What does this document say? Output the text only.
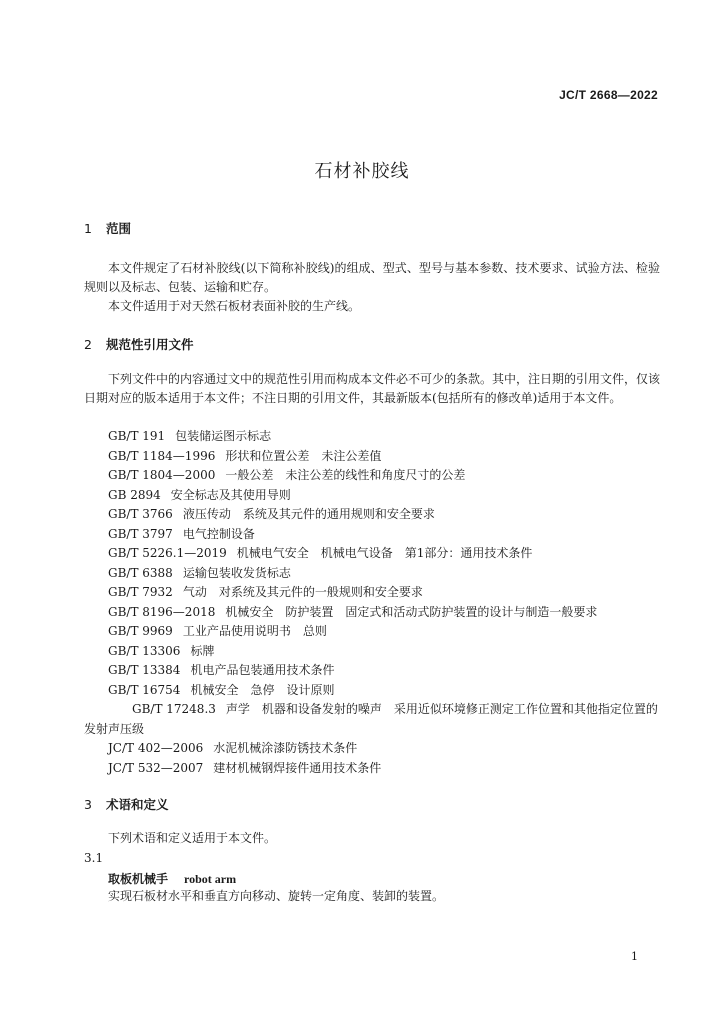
JC/T 2668—2022
石材补胶线
1 范围
本文件规定了石材补胶线(以下简称补胶线)的组成、型式、型号与基本参数、技术要求、试验方法、检验规则以及标志、包装、运输和贮存。
本文件适用于对天然石板材表面补胶的生产线。
2 规范性引用文件
下列文件中的内容通过文中的规范性引用而构成本文件必不可少的条款。其中，注日期的引用文件，仅该日期对应的版本适用于本文件；不注日期的引用文件，其最新版本(包括所有的修改单)适用于本文件。
GB/T 191 包装储运图示标志
GB/T 1184—1996 形状和位置公差　未注公差值
GB/T 1804—2000 一般公差　未注公差的线性和角度尺寸的公差
GB 2894 安全标志及其使用导则
GB/T 3766 液压传动　系统及其元件的通用规则和安全要求
GB/T 3797 电气控制设备
GB/T 5226.1—2019 机械电气安全　机械电气设备　第1部分：通用技术条件
GB/T 6388 运输包装收发货标志
GB/T 7932 气动　对系统及其元件的一般规则和安全要求
GB/T 8196—2018 机械安全　防护装置　固定式和活动式防护装置的设计与制造一般要求
GB/T 9969 工业产品使用说明书　总则
GB/T 13306 标牌
GB/T 13384 机电产品包装通用技术条件
GB/T 16754 机械安全　急停　设计原则
GB/T 17248.3 声学　机器和设备发射的噪声　采用近似环境修正测定工作位置和其他指定位置的发射声压级
JC/T 402—2006 水泥机械涂漆防锈技术条件
JC/T 532—2007 建材机械钢焊接件通用技术条件
3 术语和定义
下列术语和定义适用于本文件。
3.1
取板机械手 robot arm
实现石板材水平和垂直方向移动、旋转一定角度、装卸的装置。
1
